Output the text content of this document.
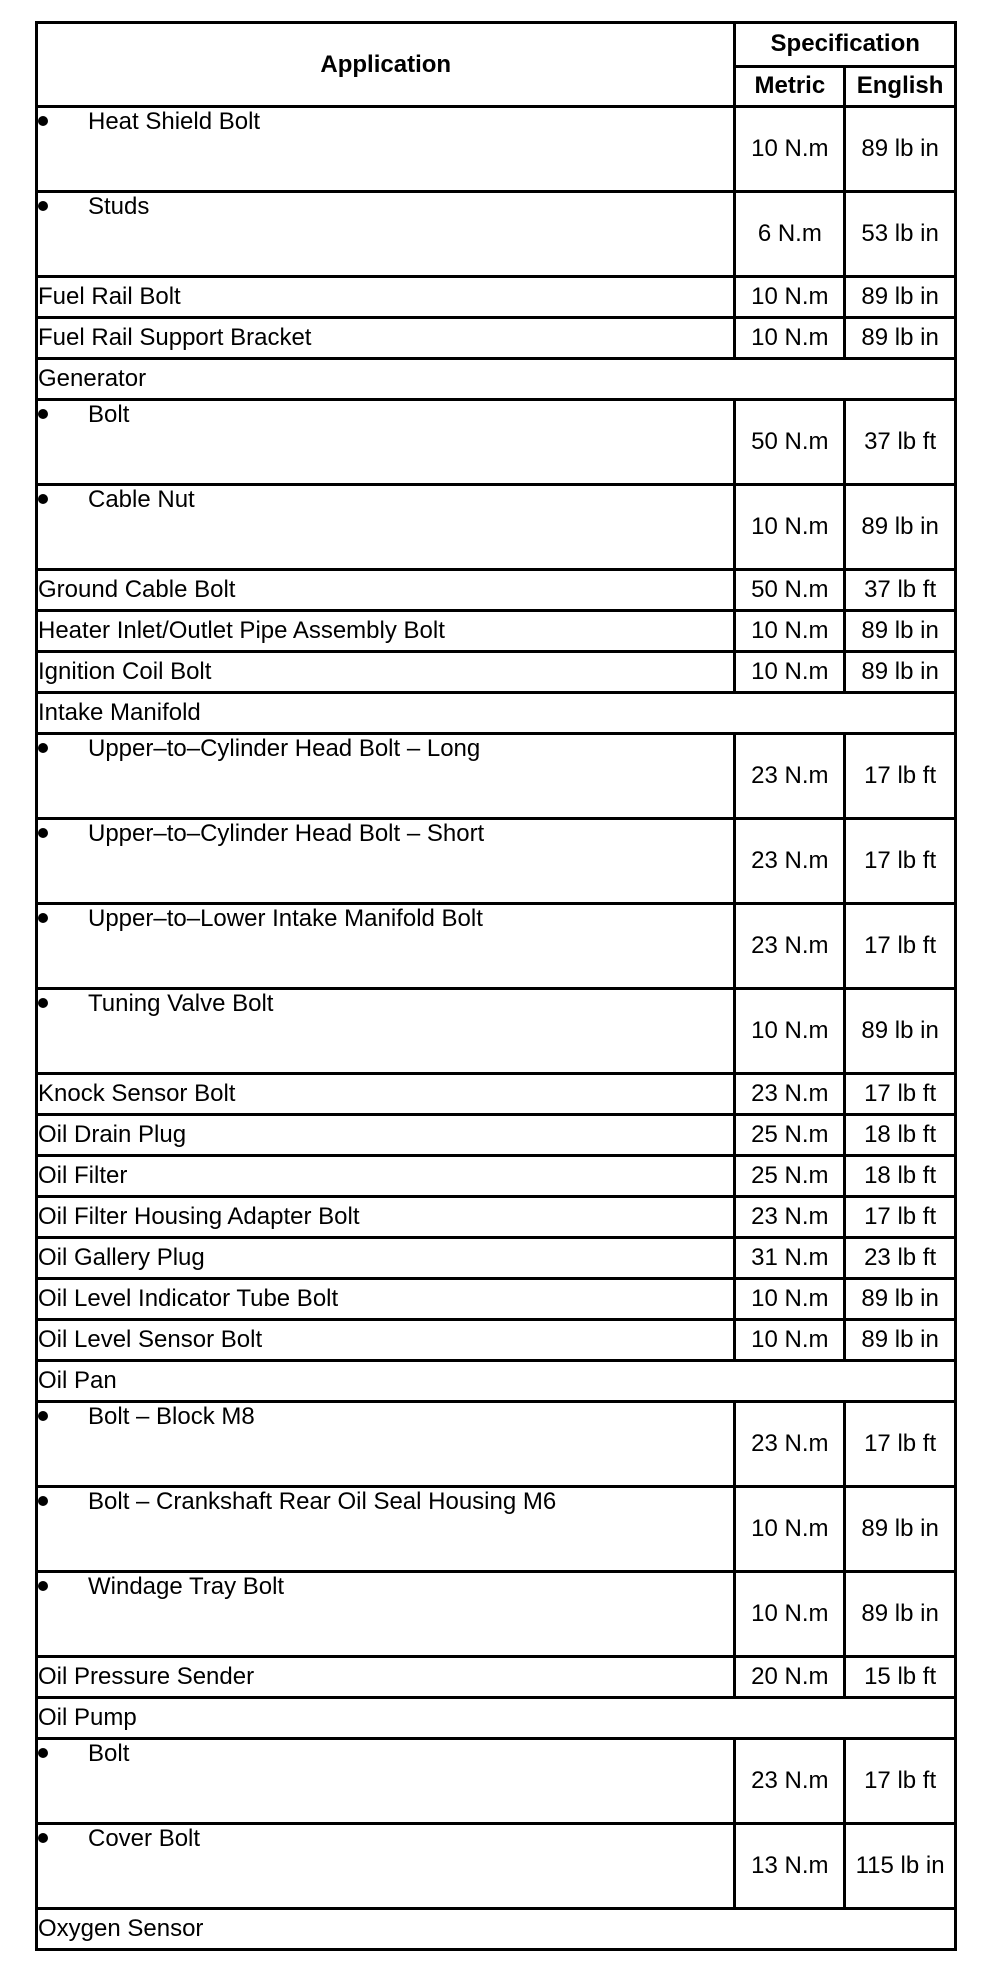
Application	Specification	
	Metric	English
Heat Shield Bolt	10 N.m	89 lb in
Studs	6 N.m	53 lb in
Fuel Rail Bolt	10 N.m	89 lb in
Fuel Rail Support Bracket	10 N.m	89 lb in
Generator		
Bolt	50 N.m	37 lb ft
Cable Nut	10 N.m	89 lb in
Ground Cable Bolt	50 N.m	37 lb ft
Heater Inlet/Outlet Pipe Assembly Bolt	10 N.m	89 lb in
Ignition Coil Bolt	10 N.m	89 lb in
Intake Manifold		
Upper–to–Cylinder Head Bolt – Long	23 N.m	17 lb ft
Upper–to–Cylinder Head Bolt – Short	23 N.m	17 lb ft
Upper–to–Lower Intake Manifold Bolt	23 N.m	17 lb ft
Tuning Valve Bolt	10 N.m	89 lb in
Knock Sensor Bolt	23 N.m	17 lb ft
Oil Drain Plug	25 N.m	18 lb ft
Oil Filter	25 N.m	18 lb ft
Oil Filter Housing Adapter Bolt	23 N.m	17 lb ft
Oil Gallery Plug	31 N.m	23 lb ft
Oil Level Indicator Tube Bolt	10 N.m	89 lb in
Oil Level Sensor Bolt	10 N.m	89 lb in
Oil Pan		
Bolt – Block M8	23 N.m	17 lb ft
Bolt – Crankshaft Rear Oil Seal Housing M6	10 N.m	89 lb in
Windage Tray Bolt	10 N.m	89 lb in
Oil Pressure Sender	20 N.m	15 lb ft
Oil Pump		
Bolt	23 N.m	17 lb ft
Cover Bolt	13 N.m	115 lb in
Oxygen Sensor		
